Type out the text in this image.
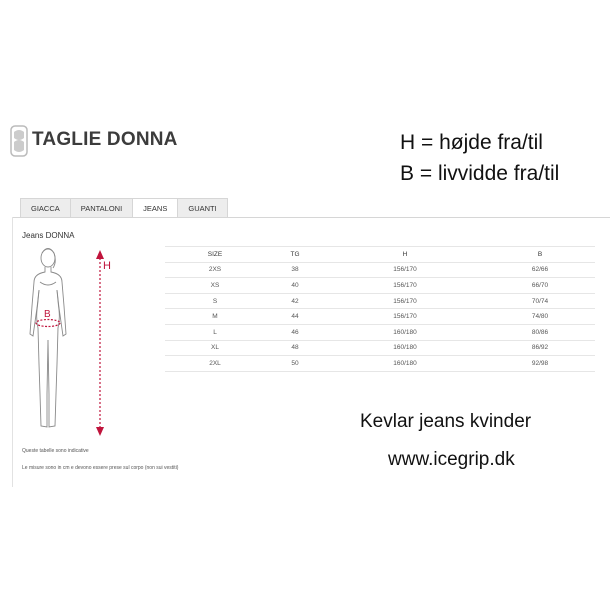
TAGLIE DONNA	H = højde fra/til
B = livvidde fra/til
GIACCA	PANTALONI	JEANS	GUANTI
Jeans DONNA
B
H
SIZE	TG	H	B
2XS	38	156/170	62/66
XS	40	156/170	66/70
S	42	156/170	70/74
M	44	156/170	74/80
L	46	160/180	80/86
XL	48	160/180	86/92
2XL	50	160/180	92/98
Queste tabelle sono indicative
Le misure sono in cm e devono essere prese sul corpo (non sui vestiti)
Kevlar jeans kvinder
www.icegrip.dk
